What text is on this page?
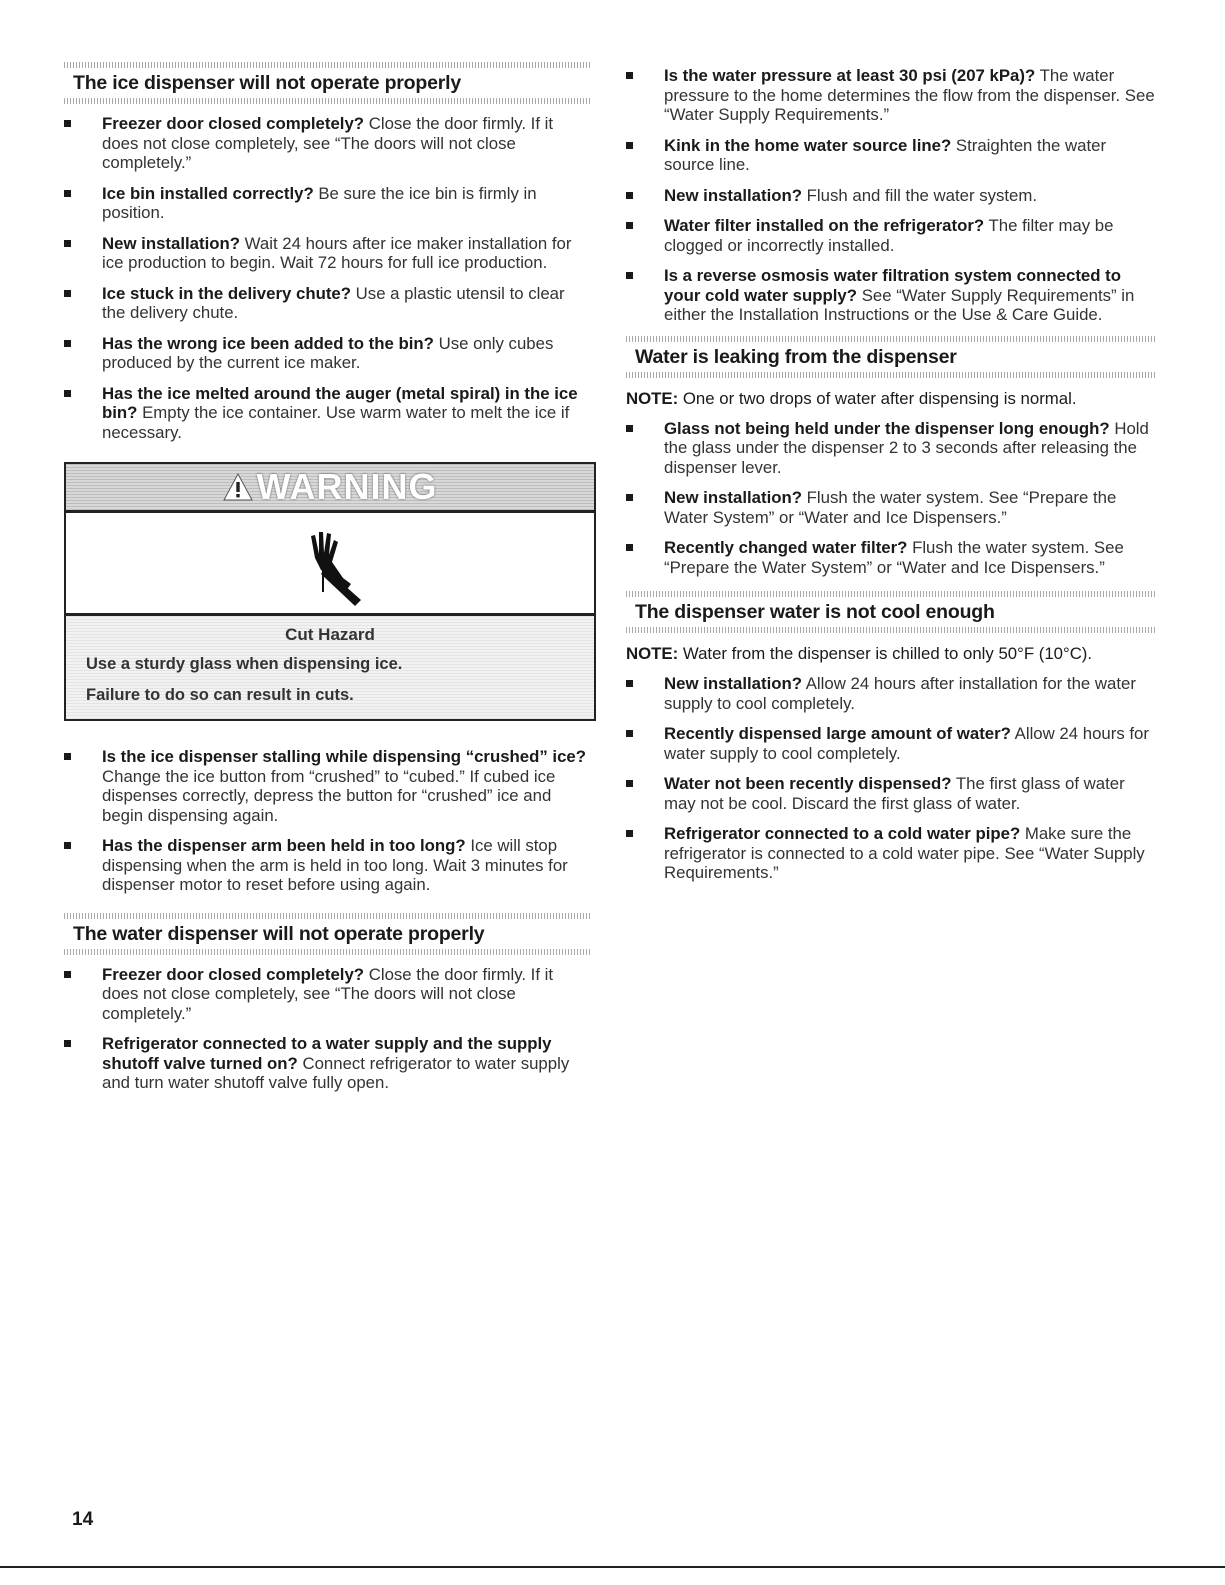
The ice dispenser will not operate properly
Freezer door closed completely? Close the door firmly. If it does not close completely, see “The doors will not close completely.”
Ice bin installed correctly? Be sure the ice bin is firmly in position.
New installation? Wait 24 hours after ice maker installation for ice production to begin. Wait 72 hours for full ice production.
Ice stuck in the delivery chute? Use a plastic utensil to clear the delivery chute.
Has the wrong ice been added to the bin? Use only cubes produced by the current ice maker.
Has the ice melted around the auger (metal spiral) in the ice bin? Empty the ice container. Use warm water to melt the ice if necessary.
WARNING
Cut Hazard
Use a sturdy glass when dispensing ice.
Failure to do so can result in cuts.
Is the ice dispenser stalling while dispensing “crushed” ice? Change the ice button from “crushed” to “cubed.” If cubed ice dispenses correctly, depress the button for “crushed” ice and begin dispensing again.
Has the dispenser arm been held in too long? Ice will stop dispensing when the arm is held in too long. Wait 3 minutes for dispenser motor to reset before using again.
The water dispenser will not operate properly
Freezer door closed completely? Close the door firmly. If it does not close completely, see “The doors will not close completely.”
Refrigerator connected to a water supply and the supply shutoff valve turned on? Connect refrigerator to water supply and turn water shutoff valve fully open.
Is the water pressure at least 30 psi (207 kPa)? The water pressure to the home determines the flow from the dispenser. See “Water Supply Requirements.”
Kink in the home water source line? Straighten the water source line.
New installation? Flush and fill the water system.
Water filter installed on the refrigerator? The filter may be clogged or incorrectly installed.
Is a reverse osmosis water filtration system connected to your cold water supply? See “Water Supply Requirements” in either the Installation Instructions or the Use & Care Guide.
Water is leaking from the dispenser
NOTE: One or two drops of water after dispensing is normal.
Glass not being held under the dispenser long enough? Hold the glass under the dispenser 2 to 3 seconds after releasing the dispenser lever.
New installation? Flush the water system. See “Prepare the Water System” or “Water and Ice Dispensers.”
Recently changed water filter? Flush the water system. See “Prepare the Water System” or “Water and Ice Dispensers.”
The dispenser water is not cool enough
NOTE: Water from the dispenser is chilled to only 50°F (10°C).
New installation? Allow 24 hours after installation for the water supply to cool completely.
Recently dispensed large amount of water? Allow 24 hours for water supply to cool completely.
Water not been recently dispensed? The first glass of water may not be cool. Discard the first glass of water.
Refrigerator connected to a cold water pipe? Make sure the refrigerator is connected to a cold water pipe. See “Water Supply Requirements.”
14
